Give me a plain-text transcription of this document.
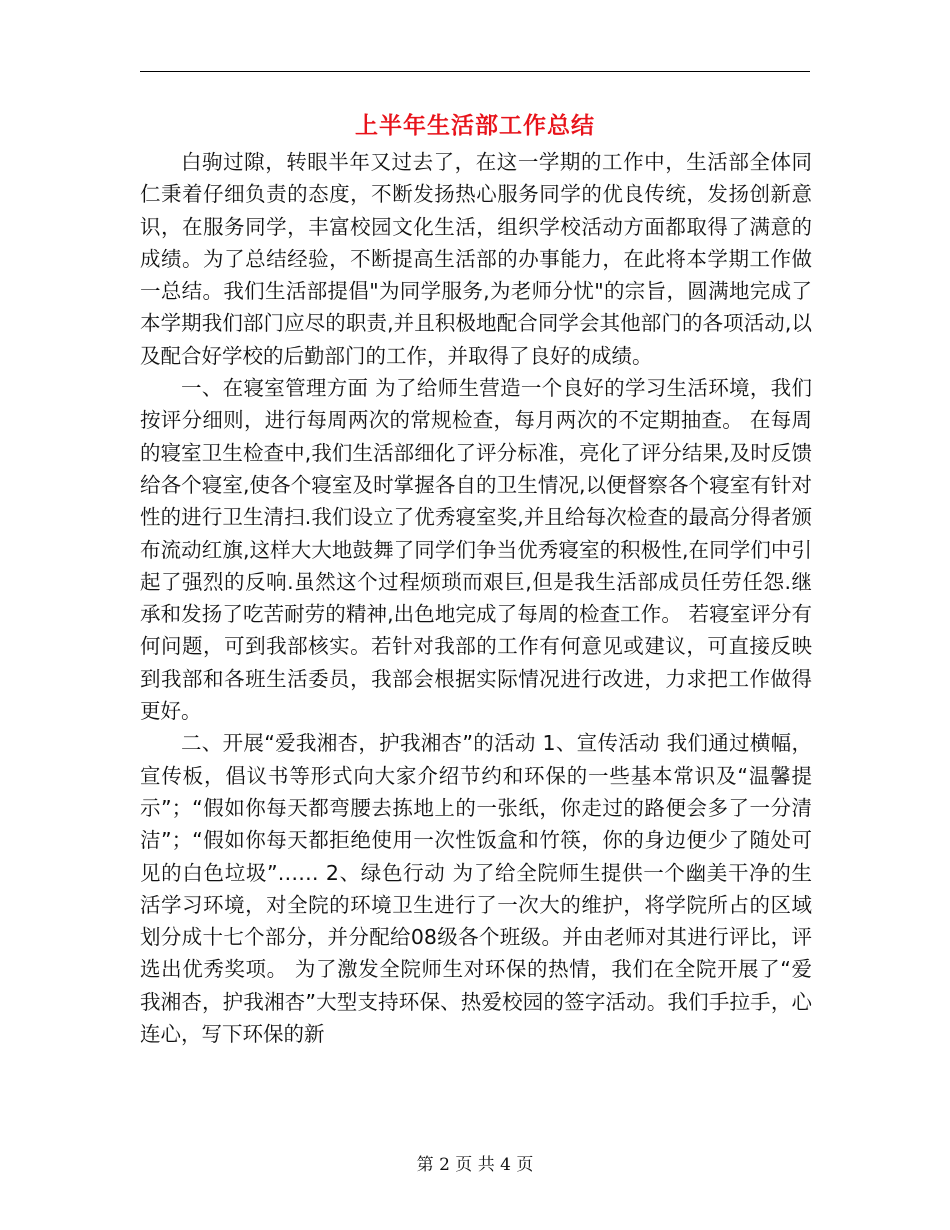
上半年生活部工作总结

白驹过隙，转眼半年又过去了，在这一学期的工作中，生活部全体同仁秉着仔细负责的态度，不断发扬热心服务同学的优良传统，发扬创新意识，在服务同学，丰富校园文化生活，组织学校活动方面都取得了满意的成绩。为了总结经验，不断提高生活部的办事能力，在此将本学期工作做一总结。我们生活部提倡"为同学服务,为老师分忧"的宗旨，圆满地完成了本学期我们部门应尽的职责,并且积极地配合同学会其他部门的各项活动,以及配合好学校的后勤部门的工作，并取得了良好的成绩。

一、在寝室管理方面 为了给师生营造一个良好的学习生活环境，我们按评分细则，进行每周两次的常规检查，每月两次的不定期抽查。 在每周的寝室卫生检查中,我们生活部细化了评分标准，亮化了评分结果,及时反馈给各个寝室,使各个寝室及时掌握各自的卫生情况,以便督察各个寝室有针对性的进行卫生清扫.我们设立了优秀寝室奖,并且给每次检查的最高分得者颁布流动红旗,这样大大地鼓舞了同学们争当优秀寝室的积极性,在同学们中引起了强烈的反响.虽然这个过程烦琐而艰巨,但是我生活部成员任劳任怨.继承和发扬了吃苦耐劳的精神,出色地完成了每周的检查工作。 若寝室评分有何问题，可到我部核实。若针对我部的工作有何意见或建议，可直接反映到我部和各班生活委员，我部会根据实际情况进行改进，力求把工作做得更好。

二、开展“爱我湘杏，护我湘杏”的活动 1、宣传活动 我们通过横幅，宣传板，倡议书等形式向大家介绍节约和环保的一些基本常识及“温馨提示”；“假如你每天都弯腰去拣地上的一张纸，你走过的路便会多了一分清洁”；“假如你每天都拒绝使用一次性饭盒和竹筷，你的身边便少了随处可见的白色垃圾”…… 2、绿色行动 为了给全院师生提供一个幽美干净的生活学习环境，对全院的环境卫生进行了一次大的维护，将学院所占的区域划分成十七个部分，并分配给08级各个班级。并由老师对其进行评比，评选出优秀奖项。 为了激发全院师生对环保的热情，我们在全院开展了“爱我湘杏，护我湘杏”大型支持环保、热爱校园的签字活动。我们手拉手，心连心，写下环保的新

第 2 页 共 4 页
